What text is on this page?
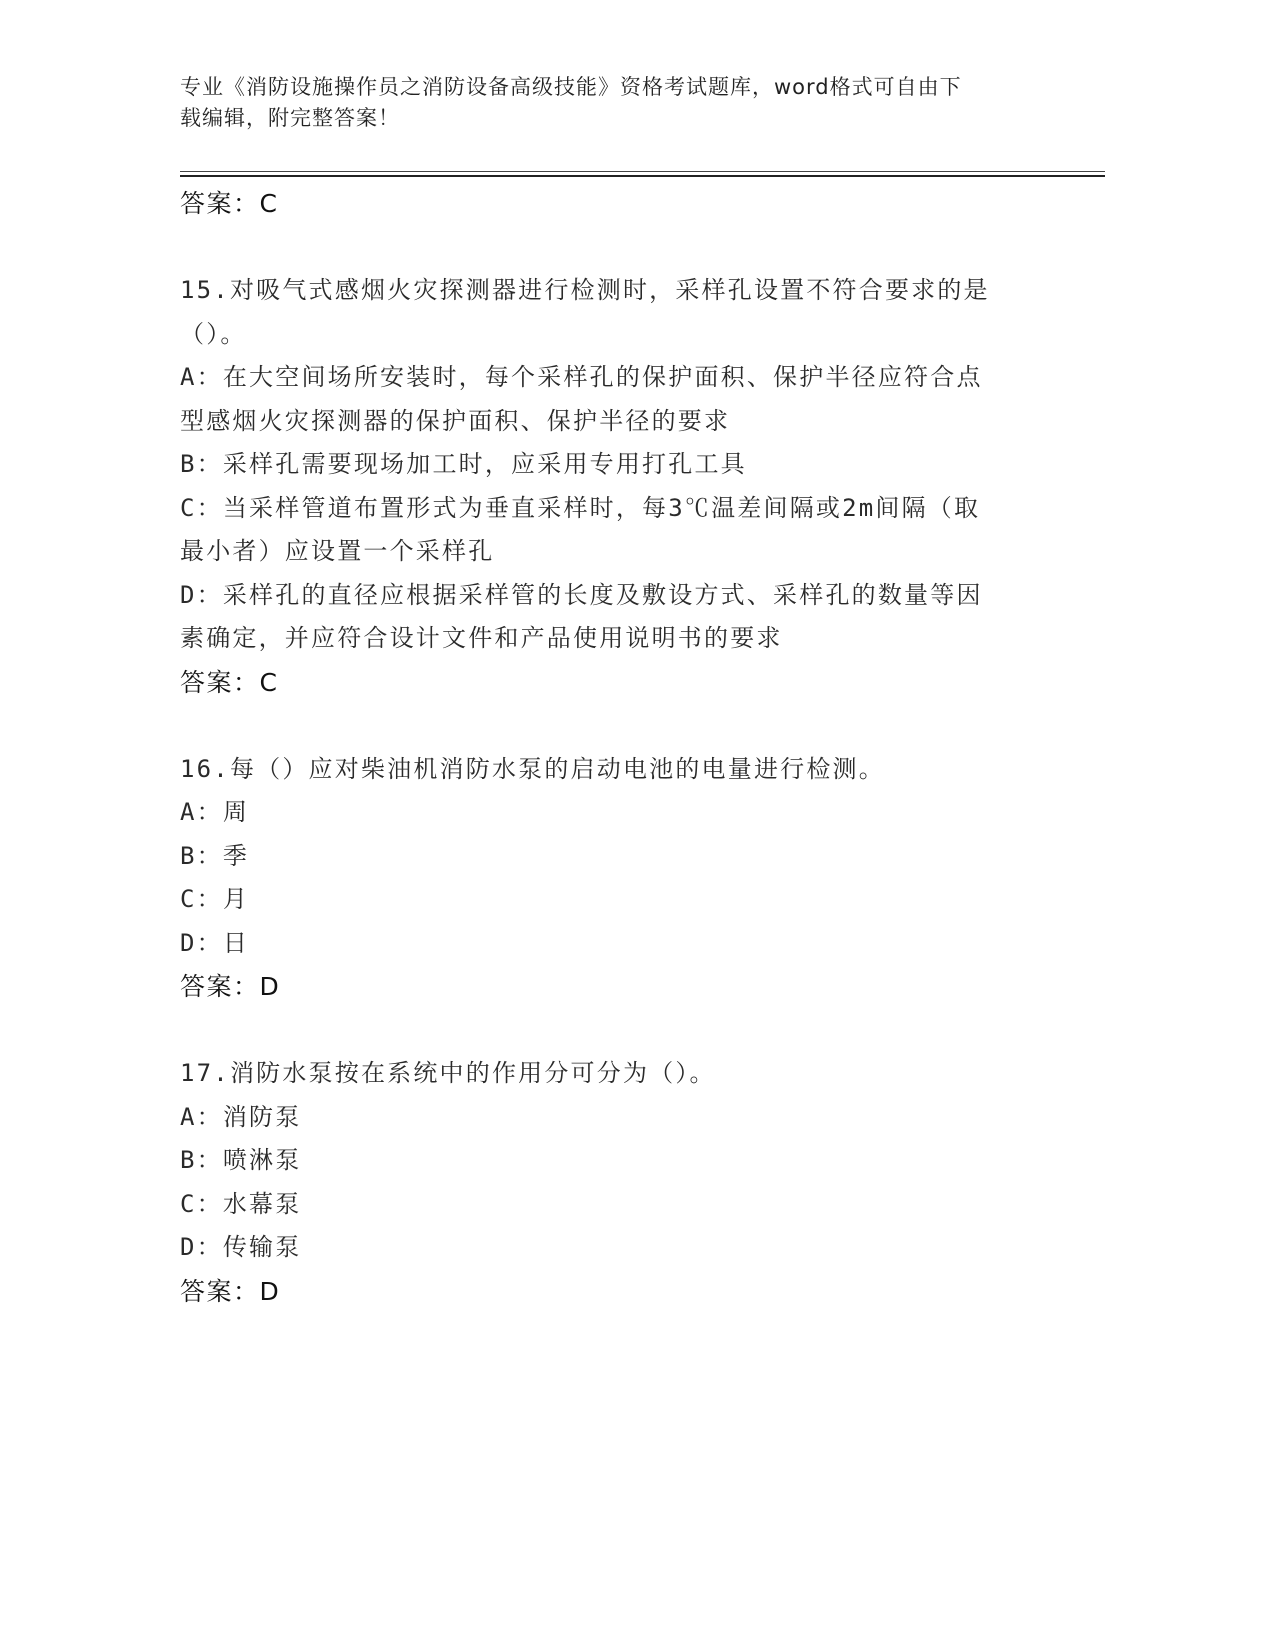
专业《消防设施操作员之消防设备高级技能》资格考试题库，word格式可自由下
载编辑，附完整答案！
答案：C
15.对吸气式感烟火灾探测器进行检测时，采样孔设置不符合要求的是
（）。
A：在大空间场所安装时，每个采样孔的保护面积、保护半径应符合点
型感烟火灾探测器的保护面积、保护半径的要求
B：采样孔需要现场加工时，应采用专用打孔工具
C：当采样管道布置形式为垂直采样时，每3℃温差间隔或2m间隔（取
最小者）应设置一个采样孔
D：采样孔的直径应根据采样管的长度及敷设方式、采样孔的数量等因
素确定，并应符合设计文件和产品使用说明书的要求
答案：C
16.每（）应对柴油机消防水泵的启动电池的电量进行检测。
A：周
B：季
C：月
D：日
答案：D
17.消防水泵按在系统中的作用分可分为（）。
A：消防泵
B：喷淋泵
C：水幕泵
D：传输泵
答案：D
